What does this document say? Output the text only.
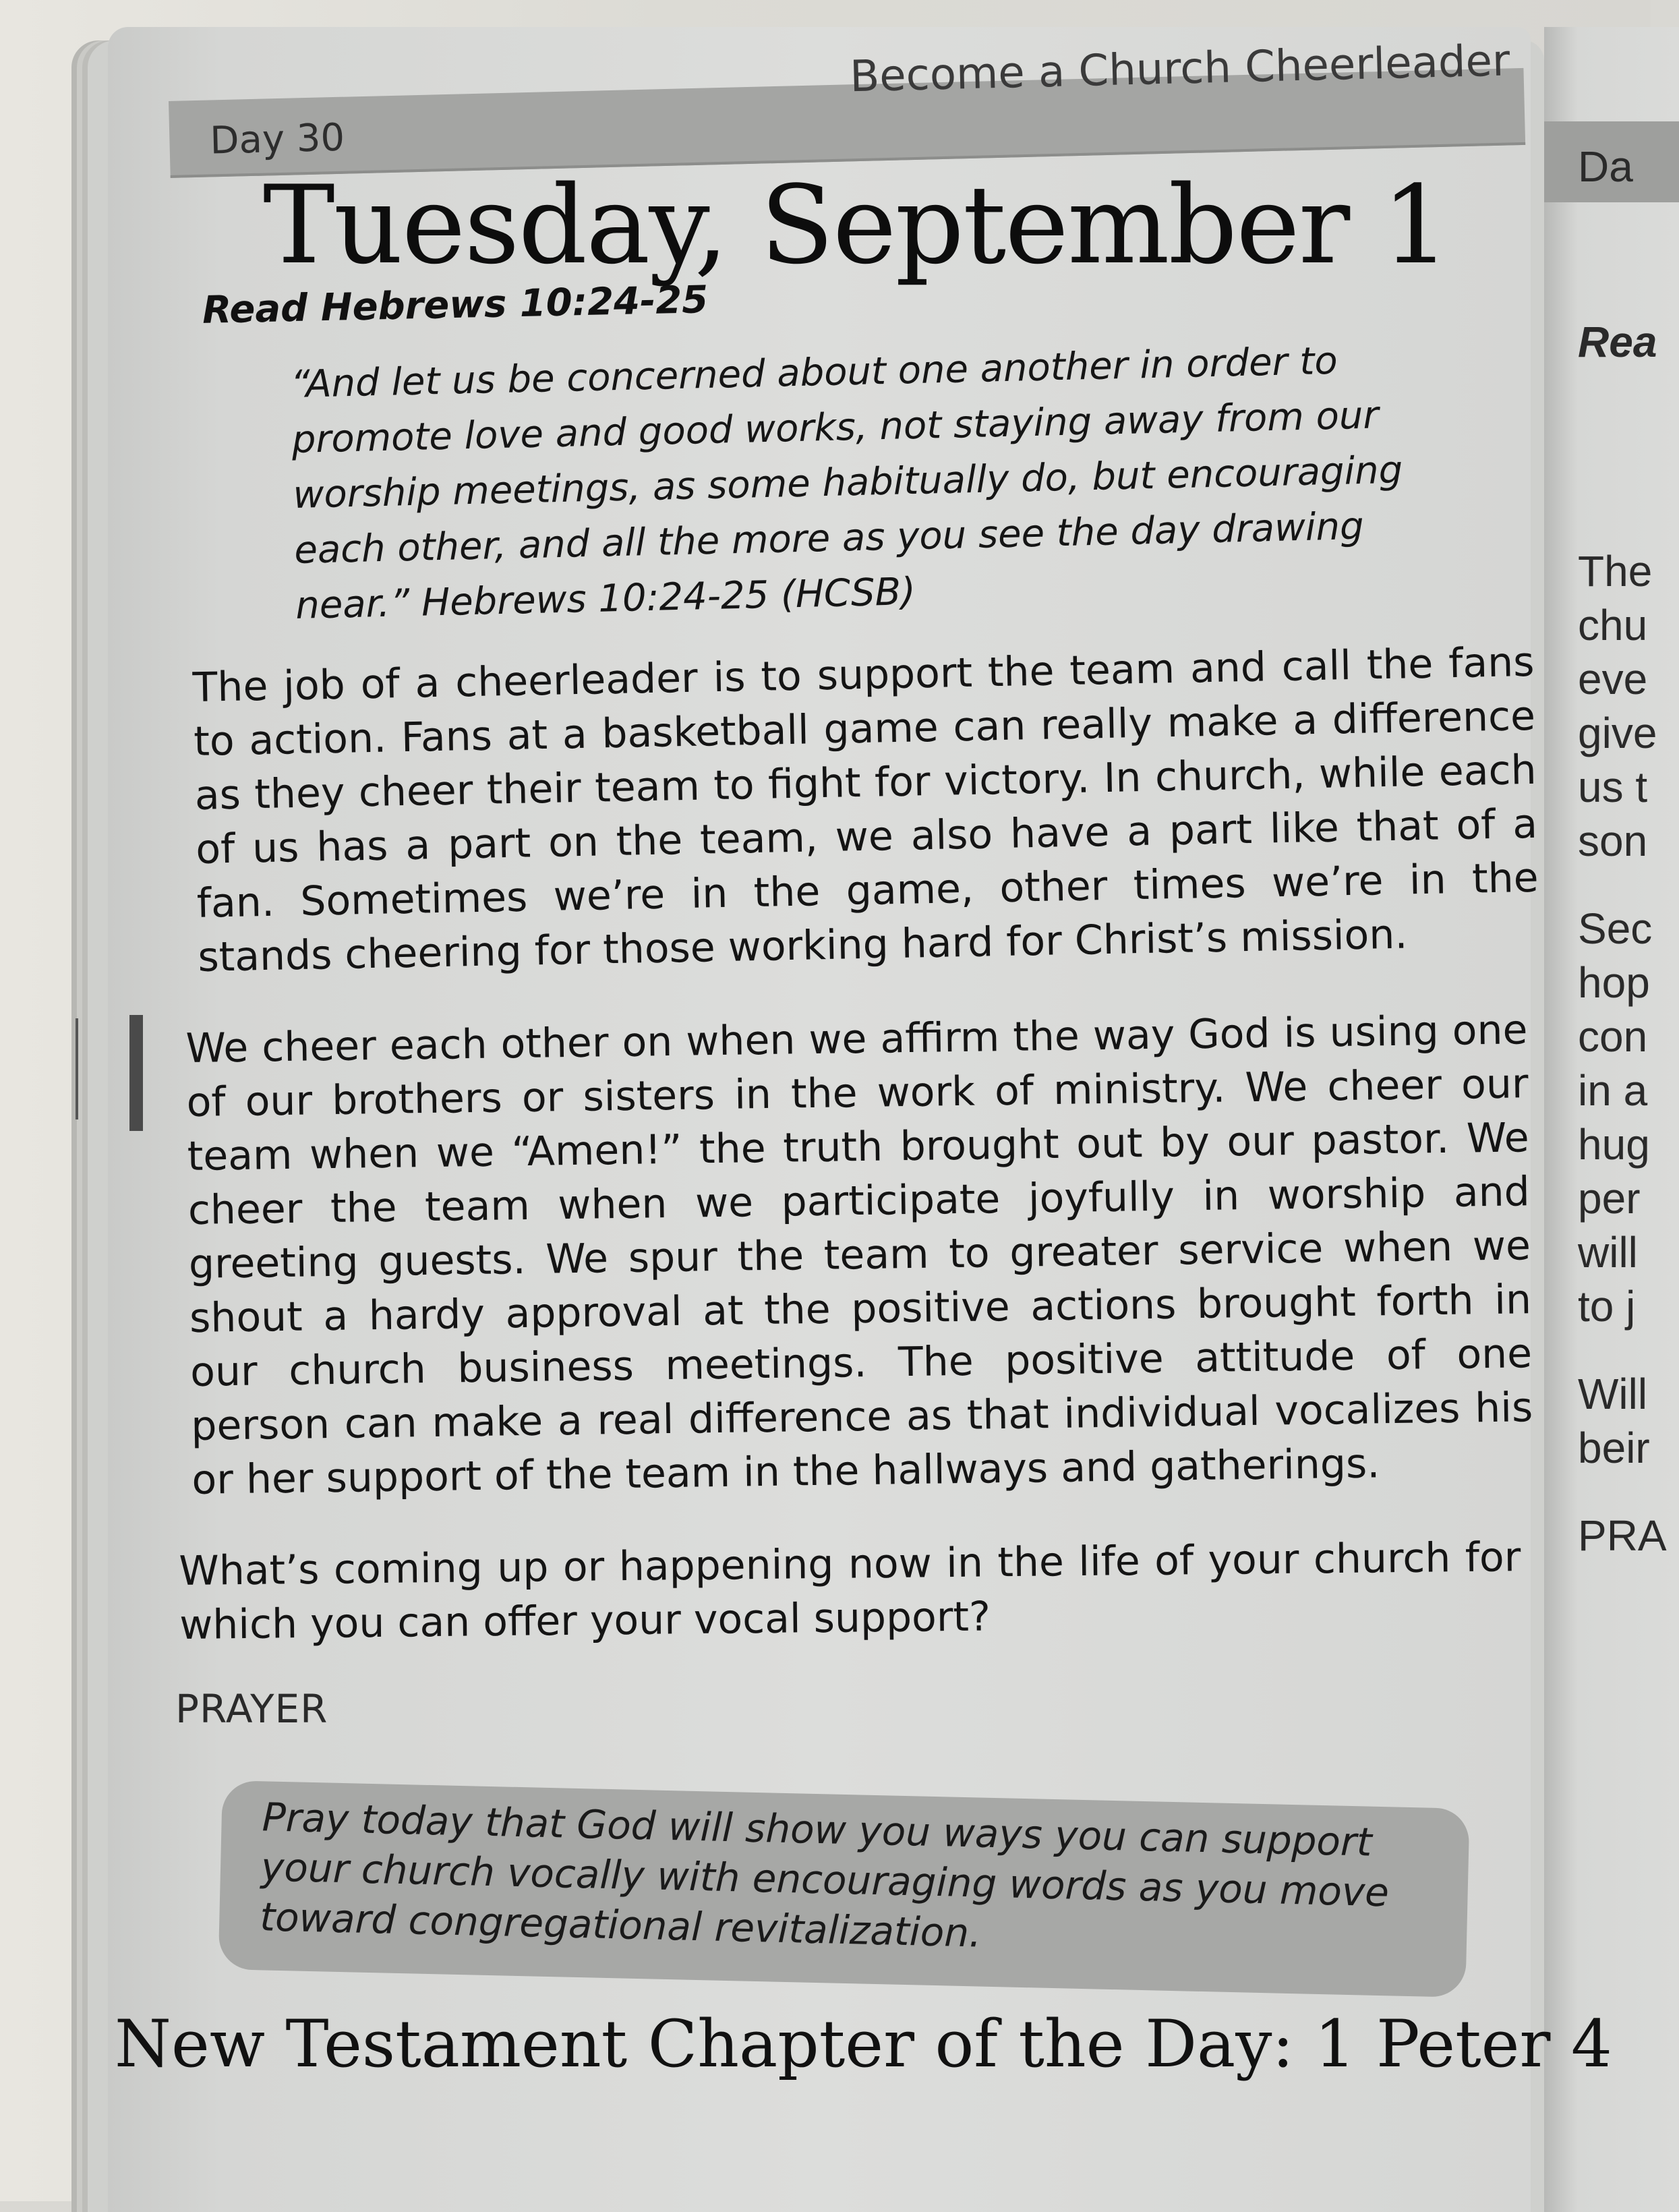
Da
Rea
The
chu
eve
give
us t
son
Sec
hop
con
in a
hug
per
will
to j
Will
beir
PRA
Become a Church Cheerleader
Day 30
Tuesday, September 1
Read Hebrews 10:24-25
“And let us be concerned about one another in order to promote love and good works, not staying away from our worship meetings, as some habitually do, but encouraging each other, and all the more as you see the day drawing near.” Hebrews 10:24-25 (HCSB)
The job of a cheerleader is to support the team and call the fans to action. Fans at a basketball game can really make a difference as they cheer their team to fight for victory. In church, while each of us has a part on the team, we also have a part like that of a fan. Sometimes we’re in the game, other times we’re in the stands cheering for those working hard for Christ’s mission.
We cheer each other on when we affirm the way God is using one of our brothers or sisters in the work of ministry. We cheer our team when we “Amen!” the truth brought out by our pastor. We cheer the team when we participate joyfully in worship and greeting guests. We spur the team to greater service when we shout a hardy approval at the positive actions brought forth in our church business meetings. The positive attitude of one person can make a real difference as that individual vocalizes his or her support of the team in the hallways and gatherings.
What’s coming up or happening now in the life of your church for which you can offer your vocal support?
PRAYER
Pray today that God will show you ways you can support your church vocally with encouraging words as you move toward congregational revitalization.
New Testament Chapter of the Day: 1 Peter 4
